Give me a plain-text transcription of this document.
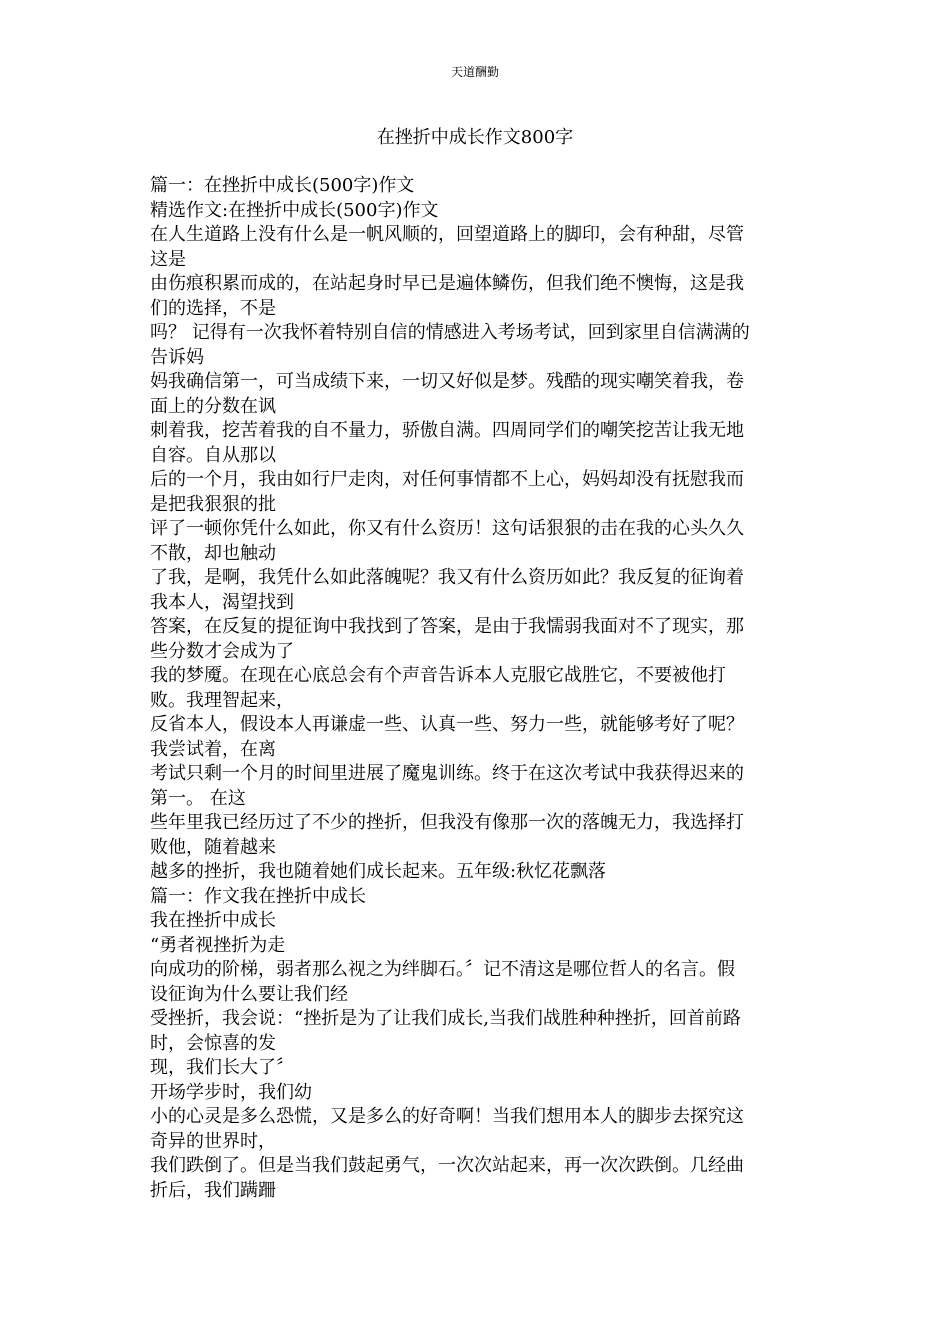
天道酬勤
在挫折中成长作文800字
篇一：在挫折中成长(500字)作文
精选作文:在挫折中成长(500字)作文
在人生道路上没有什么是一帆风顺的，回望道路上的脚印，会有种甜，尽管
这是
由伤痕积累而成的，在站起身时早已是遍体鳞伤，但我们绝不懊悔，这是我
们的选择，不是
吗？ 记得有一次我怀着特别自信的情感进入考场考试，回到家里自信满满的
告诉妈
妈我确信第一，可当成绩下来，一切又好似是梦。残酷的现实嘲笑着我，卷
面上的分数在讽
刺着我，挖苦着我的自不量力，骄傲自满。四周同学们的嘲笑挖苦让我无地
自容。自从那以
后的一个月，我由如行尸走肉，对任何事情都不上心，妈妈却没有抚慰我而
是把我狠狠的批
评了一顿你凭什么如此，你又有什么资历！这句话狠狠的击在我的心头久久
不散，却也触动
了我，是啊，我凭什么如此落魄呢？我又有什么资历如此？我反复的征询着
我本人，渴望找到
答案，在反复的提征询中我找到了答案，是由于我懦弱我面对不了现实，那
些分数才会成为了
我的梦魇。在现在心底总会有个声音告诉本人克服它战胜它，不要被他打
败。我理智起来，
反省本人，假设本人再谦虚一些、认真一些、努力一些，就能够考好了呢？
我尝试着，在离
考试只剩一个月的时间里进展了魔鬼训练。终于在这次考试中我获得迟来的
第一。 在这
些年里我已经历过了不少的挫折，但我没有像那一次的落魄无力，我选择打
败他，随着越来
越多的挫折，我也随着她们成长起来。五年级:秋忆花飘落
篇一：作文我在挫折中成长
我在挫折中成长
“勇者视挫折为走
向成功的阶梯，弱者那么视之为绊脚石。〞记不清这是哪位哲人的名言。假
设征询为什么要让我们经
受挫折，我会说：“挫折是为了让我们成长,当我们战胜种种挫折，回首前路
时，会惊喜的发
现，我们长大了〞
开场学步时，我们幼
小的心灵是多么恐慌，又是多么的好奇啊！当我们想用本人的脚步去探究这
奇异的世界时，
我们跌倒了。但是当我们鼓起勇气，一次次站起来，再一次次跌倒。几经曲
折后，我们蹒跚
